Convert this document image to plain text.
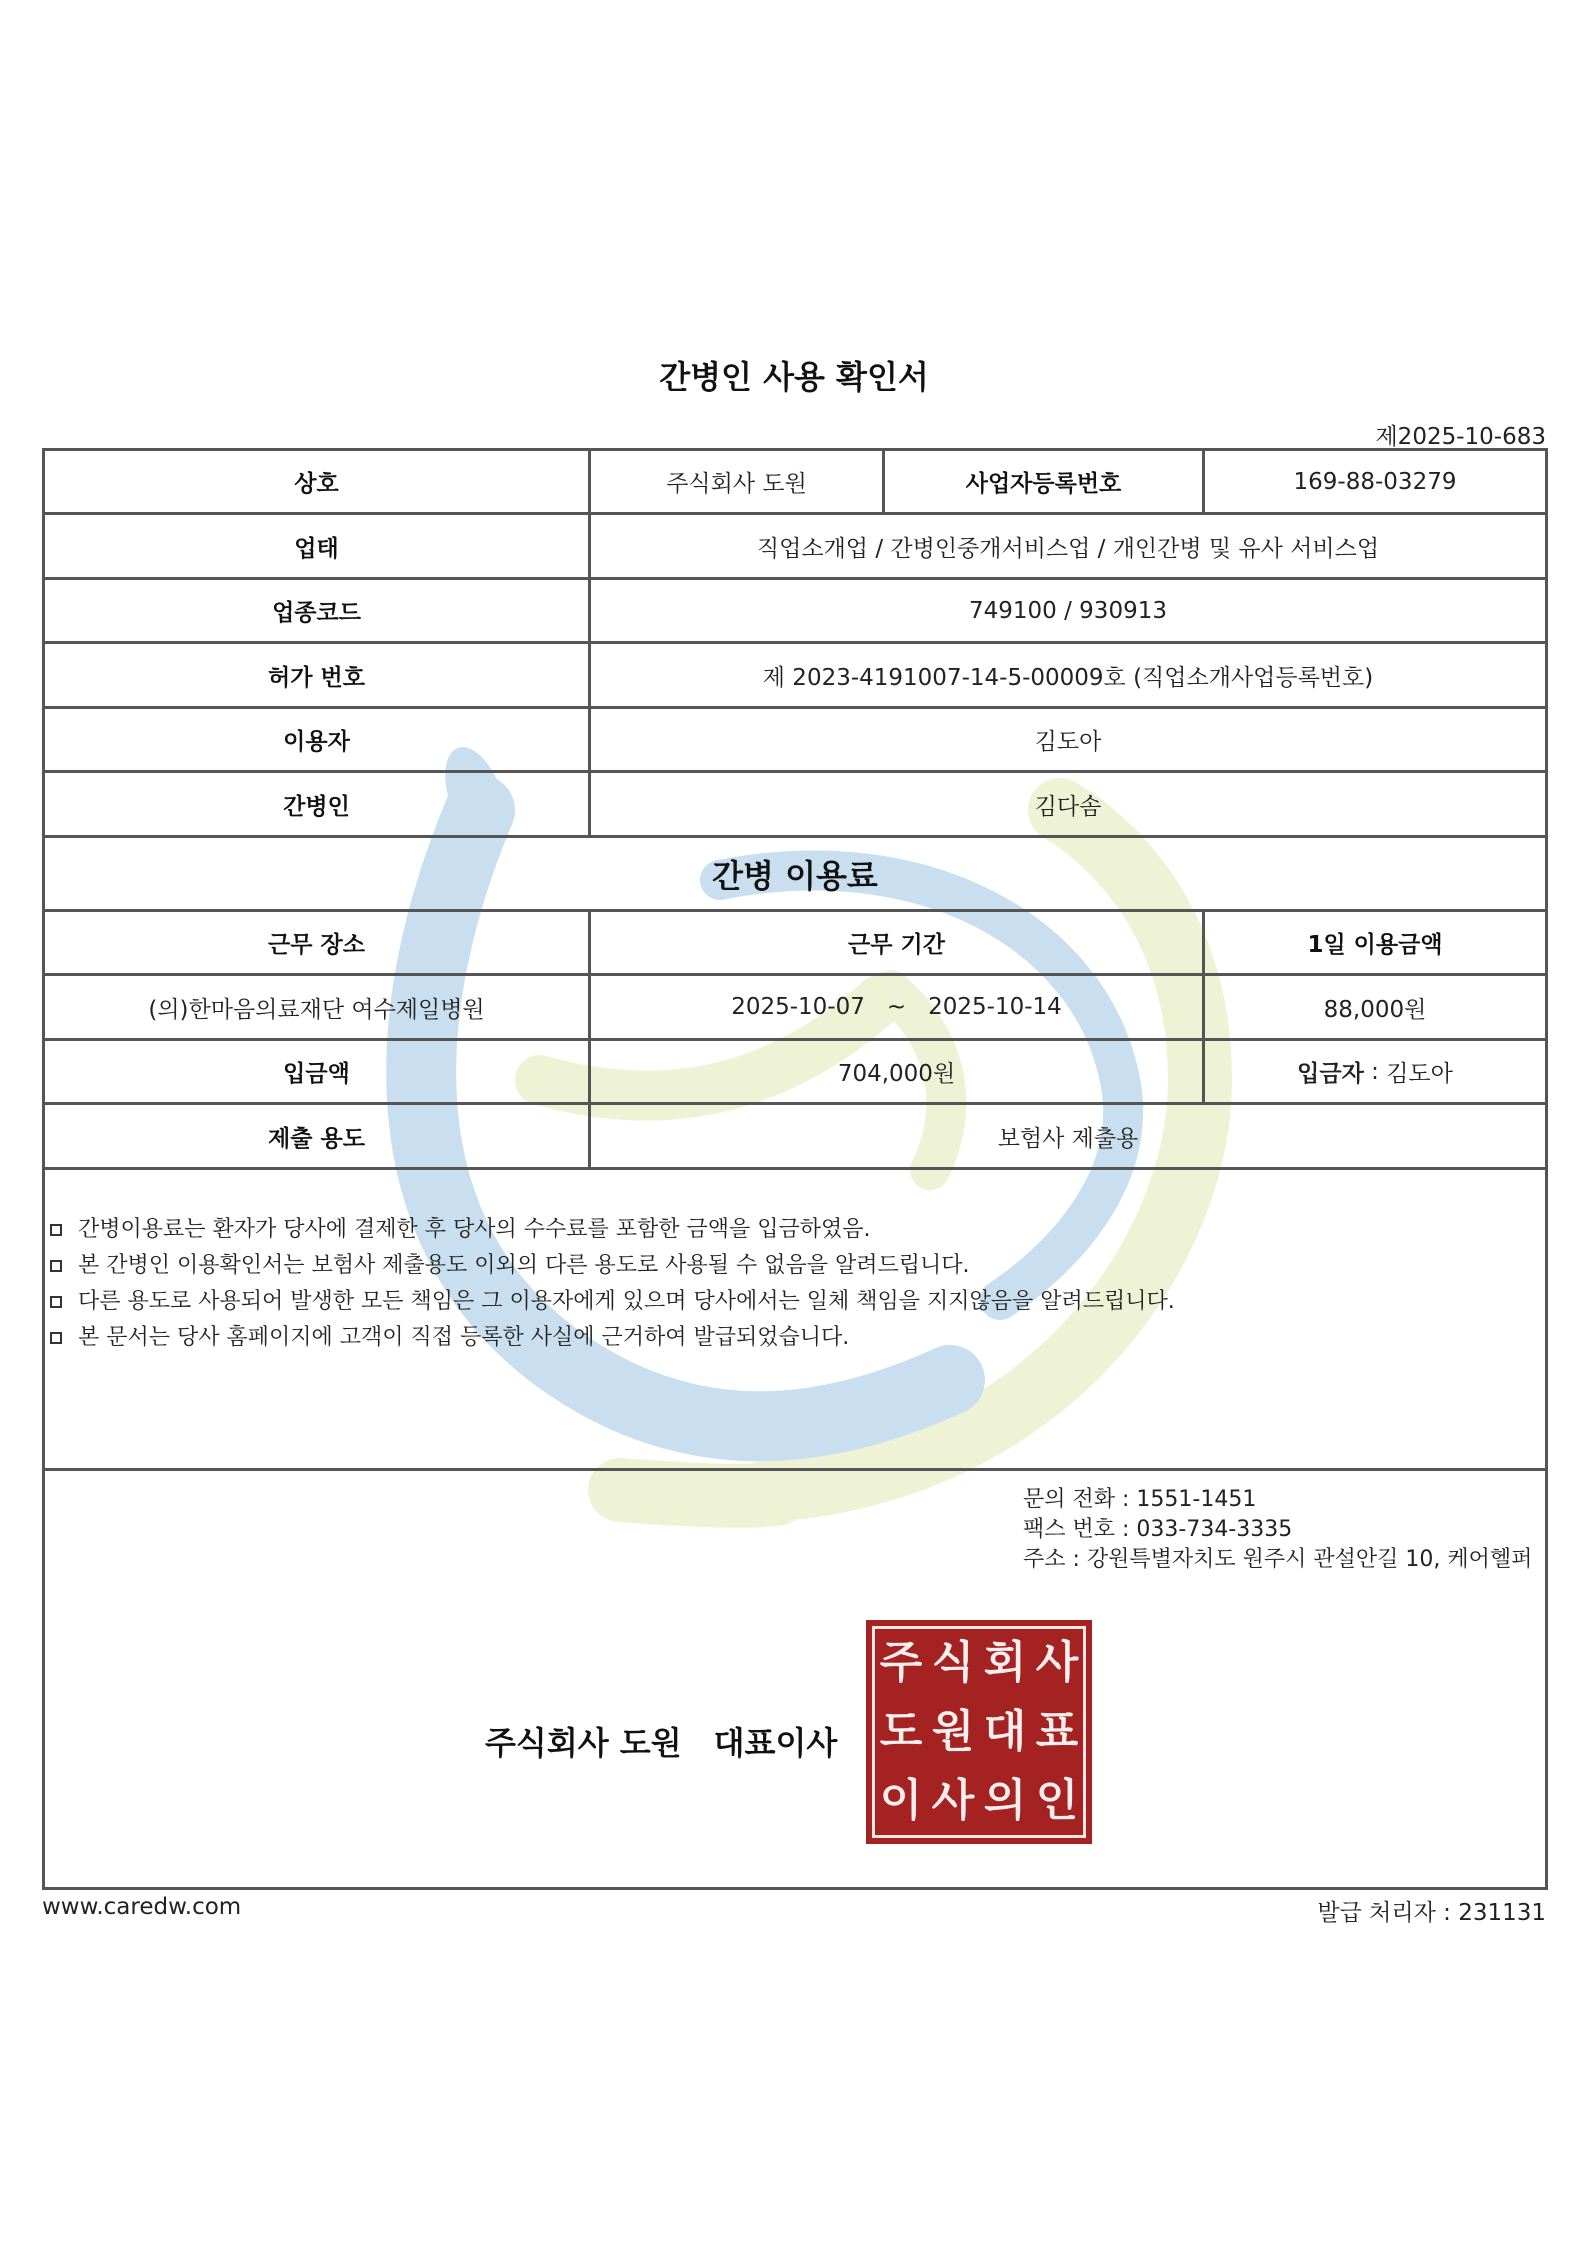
간병인 사용 확인서
제2025-10-683
상호	주식회사 도원	사업자등록번호	169-88-03279
업태	직업소개업 / 간병인중개서비스업 / 개인간병 및 유사 서비스업
업종코드	749100 / 930913
허가 번호	제 2023-4191007-14-5-00009호 (직업소개사업등록번호)
이용자	김도아
간병인	김다솜
간병 이용료
근무 장소	근무 기간	1일 이용금액
(의)한마음의료재단 여수제일병원	2025-10-07 ~ 2025-10-14	88,000원
입금액	704,000원	입금자 : 김도아
제출 용도	보험사 제출용
간병이용료는 환자가 당사에 결제한 후 당사의 수수료를 포함한 금액을 입금하였음.
본 간병인 이용확인서는 보험사 제출용도 이외의 다른 용도로 사용될 수 없음을 알려드립니다.
다른 용도로 사용되어 발생한 모든 책임은 그 이용자에게 있으며 당사에서는 일체 책임을 지지않음을 알려드립니다.
본 문서는 당사 홈페이지에 고객이 직접 등록한 사실에 근거하여 발급되었습니다.
문의 전화 : 1551-1451
팩스 번호 : 033-734-3335
주소 : 강원특별자치도 원주시 관설안길 10, 케어헬퍼
주식회사 도원 대표이사
주 식 회 사
도 원 대 표
이 사 의 인
www.caredw.com	발급 처리자 : 231131
